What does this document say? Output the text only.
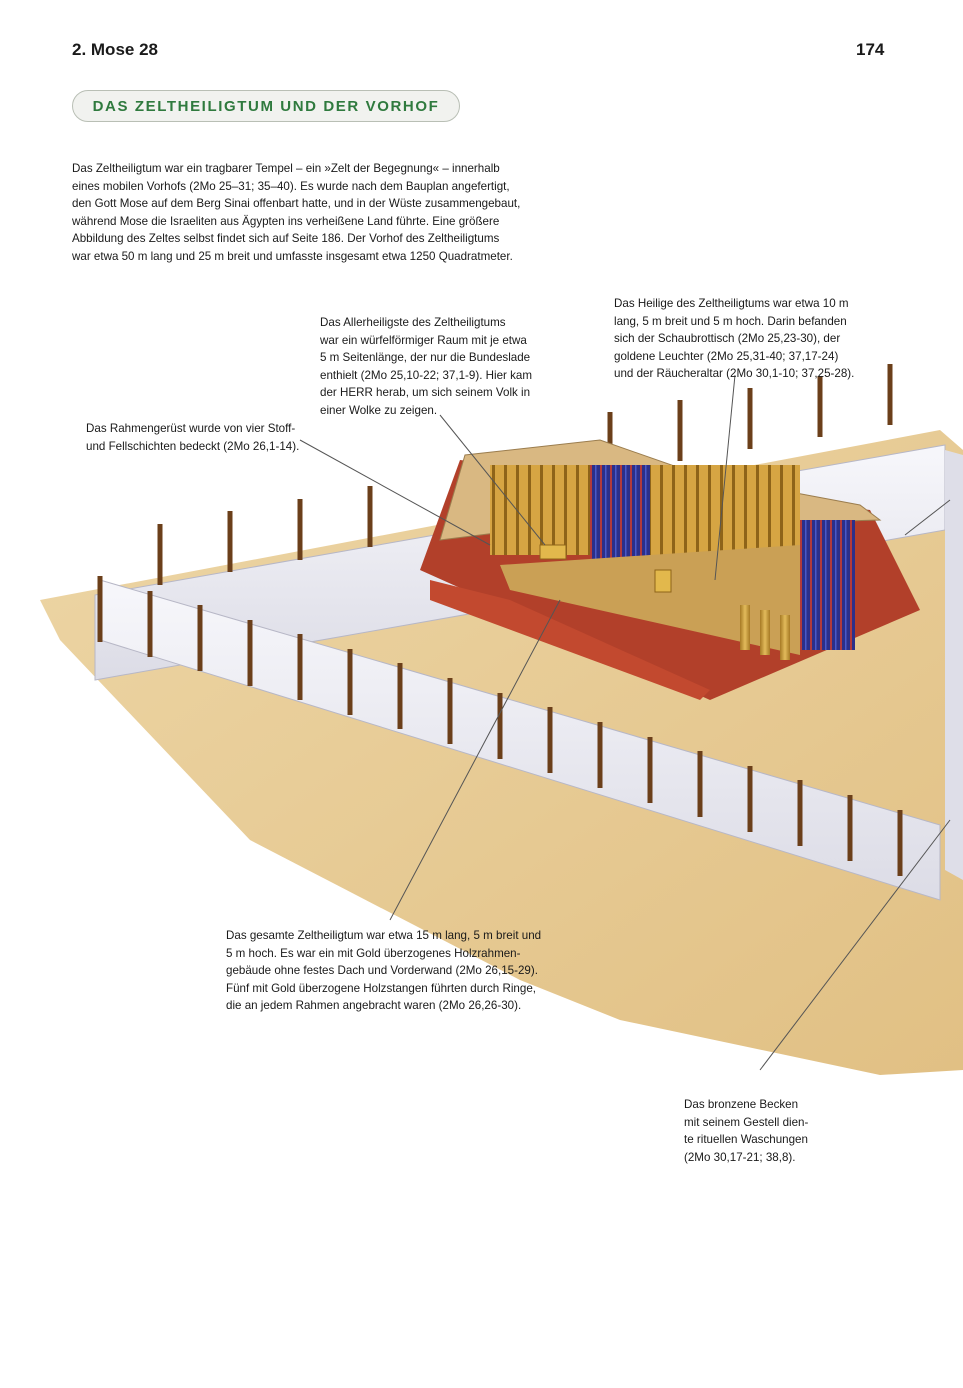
2. Mose 28	174
DAS ZELTHEILIGTUM UND DER VORHOF
Das Zeltheiligtum war ein tragbarer Tempel – ein »Zelt der Begegnung« – innerhalb
eines mobilen Vorhofs (2Mo 25–31; 35–40). Es wurde nach dem Bauplan angefertigt,
den Gott Mose auf dem Berg Sinai offenbart hatte, und in der Wüste zusammengebaut,
während Mose die Israeliten aus Ägypten ins verheißene Land führte. Eine größere
Abbildung des Zeltes selbst findet sich auf Seite 186. Der Vorhof des Zeltheiligtums
war etwa 50 m lang und 25 m breit und umfasste insgesamt etwa 1250 Quadratmeter.
Das Heilige des Zeltheiligtums war etwa 10 m
lang, 5 m breit und 5 m hoch. Darin befanden
sich der Schaubrottisch (2Mo 25,23-30), der
goldene Leuchter (2Mo 25,31-40; 37,17-24)
und der Räucheraltar (2Mo 30,1-10; 37,25-28).
Das Allerheiligste des Zeltheiligtums
war ein würfelförmiger Raum mit je etwa
5 m Seitenlänge, der nur die Bundeslade
enthielt (2Mo 25,10-22; 37,1-9). Hier kam
der HERR herab, um sich seinem Volk in
einer Wolke zu zeigen.
Das Rahmengerüst wurde von vier Stoff-
und Fellschichten bedeckt (2Mo 26,1-14).
Das gesamte Zeltheiligtum war etwa 15 m lang, 5 m breit und
5 m hoch. Es war ein mit Gold überzogenes Holzrahmen-
gebäude ohne festes Dach und Vorderwand (2Mo 26,15-29).
Fünf mit Gold überzogene Holzstangen führten durch Ringe,
die an jedem Rahmen angebracht waren (2Mo 26,26-30).
Das bronzene Becken
mit seinem Gestell dien-
te rituellen Waschungen
(2Mo 30,17-21; 38,8).
